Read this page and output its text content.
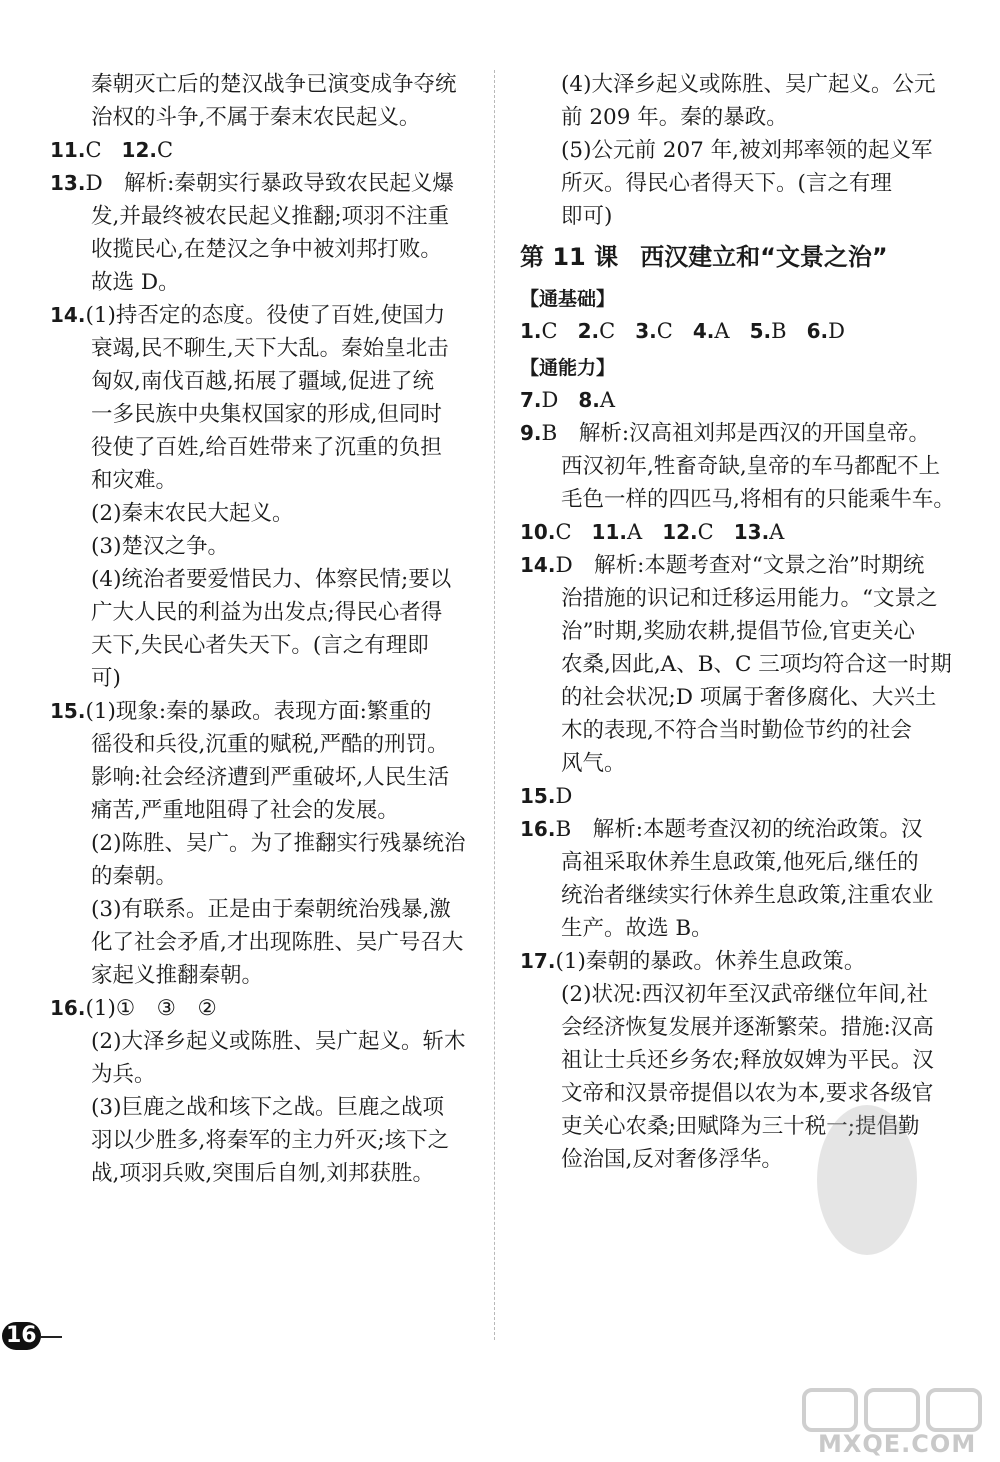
秦朝灭亡后的楚汉战争已演变成争夺统
治权的斗争,不属于秦末农民起义。
11.C 12.C
13.D　解析:秦朝实行暴政导致农民起义爆
发,并最终被农民起义推翻;项羽不注重
收揽民心,在楚汉之争中被刘邦打败。
故选 D。
14.(1)持否定的态度。役使了百姓,使国力
衰竭,民不聊生,天下大乱。秦始皇北击
匈奴,南伐百越,拓展了疆域,促进了统
一多民族中央集权国家的形成,但同时
役使了百姓,给百姓带来了沉重的负担
和灾难。
(2)秦末农民大起义。
(3)楚汉之争。
(4)统治者要爱惜民力、体察民情;要以
广大人民的利益为出发点;得民心者得
天下,失民心者失天下。(言之有理即
可)
15.(1)现象:秦的暴政。表现方面:繁重的
徭役和兵役,沉重的赋税,严酷的刑罚。
影响:社会经济遭到严重破坏,人民生活
痛苦,严重地阻碍了社会的发展。
(2)陈胜、吴广。为了推翻实行残暴统治
的秦朝。
(3)有联系。正是由于秦朝统治残暴,激
化了社会矛盾,才出现陈胜、吴广号召大
家起义推翻秦朝。
16.(1)①　③　②
(2)大泽乡起义或陈胜、吴广起义。斩木
为兵。
(3)巨鹿之战和垓下之战。巨鹿之战项
羽以少胜多,将秦军的主力歼灭;垓下之
战,项羽兵败,突围后自刎,刘邦获胜。
(4)大泽乡起义或陈胜、吴广起义。公元
前 209 年。秦的暴政。
(5)公元前 207 年,被刘邦率领的起义军
所灭。得民心者得天下。(言之有理
即可)
第 11 课 西汉建立和“文景之治”
【通基础】
1.C 2.C 3.C 4.A 5.B 6.D
【通能力】
7.D 8.A
9.B　解析:汉高祖刘邦是西汉的开国皇帝。
西汉初年,牲畜奇缺,皇帝的车马都配不上
毛色一样的四匹马,将相有的只能乘牛车。
10.C 11.A 12.C 13.A
14.D　解析:本题考查对“文景之治”时期统
治措施的识记和迁移运用能力。“文景之
治”时期,奖励农耕,提倡节俭,官吏关心
农桑,因此,A、B、C 三项均符合这一时期
的社会状况;D 项属于奢侈腐化、大兴土
木的表现,不符合当时勤俭节约的社会
风气。
15.D
16.B　解析:本题考查汉初的统治政策。汉
高祖采取休养生息政策,他死后,继任的
统治者继续实行休养生息政策,注重农业
生产。故选 B。
17.(1)秦朝的暴政。休养生息政策。
(2)状况:西汉初年至汉武帝继位年间,社
会经济恢复发展并逐渐繁荣。措施:汉高
祖让士兵还乡务农;释放奴婢为平民。汉
文帝和汉景帝提倡以农为本,要求各级官
吏关心农桑;田赋降为三十税一;提倡勤
俭治国,反对奢侈浮华。
16
MXQE.COM
